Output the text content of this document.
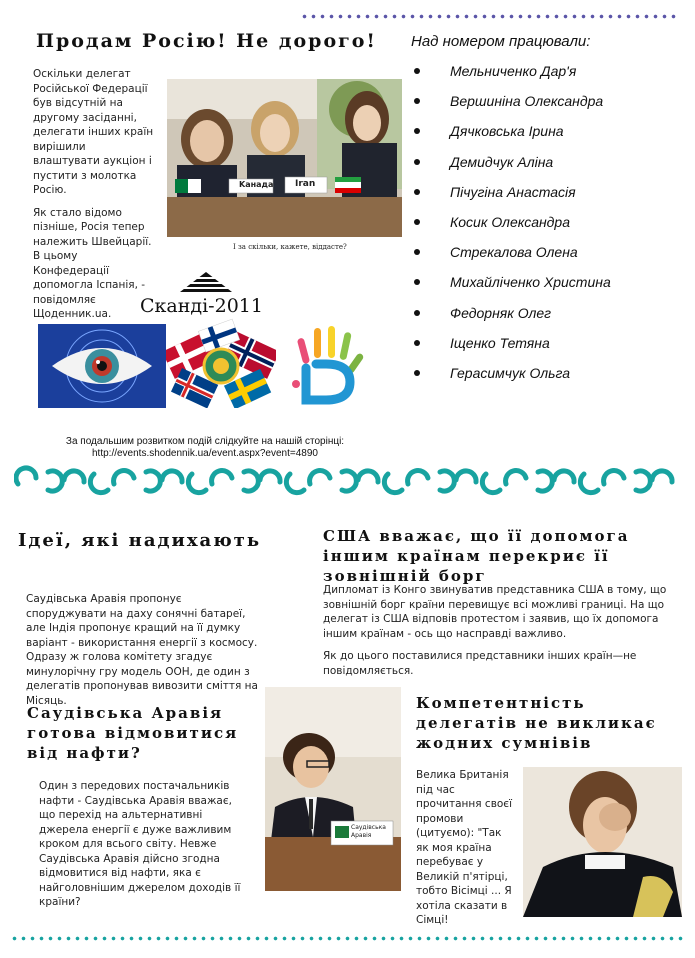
Продам Росію! Не дорого!

Оскільки делегат Російської Федерації був відсутній на другому засіданні, делегати інших країн вирішили влаштувати аукціон і пустити з молотка Росію.

Як стало відомо пізніше, Росія тепер належить Швейцарії. В цьому Конфедерації допомогла Іспанія, - повідомляє Щоденник.ua.

Kaнада Iran
І за скільки, кажете, віддасте?
Над номером працювали:
Мельниченко Дар'я
Вершиніна Олександра
Дячковська Ірина
Демидчук Аліна
Пічугіна Анастасія
Косик Олександра
Стрекалова Олена
Михайліченко Христина
Федорняк Олег
Іщенко Тетяна
Герасимчук Ольга
Сканді-2011
За подальшим розвитком подій слідкуйте на нашій сторінці:
http://events.shodennik.ua/event.aspx?event=4890
Ідеї, які надихають

Саудівська Аравія пропонує споруджувати на даху сонячні батареї, але Індія пропонує кращий на її думку варіант - використання енергії з космосу. Одразу ж голова комітету згадує минулорічну гру модель ООН, де один з делегатів пропонував вивозити сміття на Місяць.

США вважає, що її допомога іншим країнам перекриє її зовнішній борг

Дипломат із Конго звинуватив представника США в тому, що зовнішній борг країни перевищує всі можливі границі. На що делегат із США відповів протестом і заявив, що їх допомога іншим країнам - ось що насправді важливо.

Як до цього поставилися представники інших країн—не повідомляється.

Саудівська Аравія готова відмовитися від нафти?

Один з передових постачальників нафти - Саудівська Аравія вважає, що перехід на альтернативні джерела енергії є дуже важливим кроком для всього світу. Невже Саудівська Аравія дійсно згодна відмовитися від нафти, яка є найголовнішим джерелом доходів її країни?

Саудівська Аравія
Компетентність делегатів не викликає жодних сумнівів

Велика Британія під час прочитання своєї промови (цитуємо): "Так як моя країна перебуває у Великій п'ятірці, тобто Вісімці ... Я хотіла сказати в Сімці!
